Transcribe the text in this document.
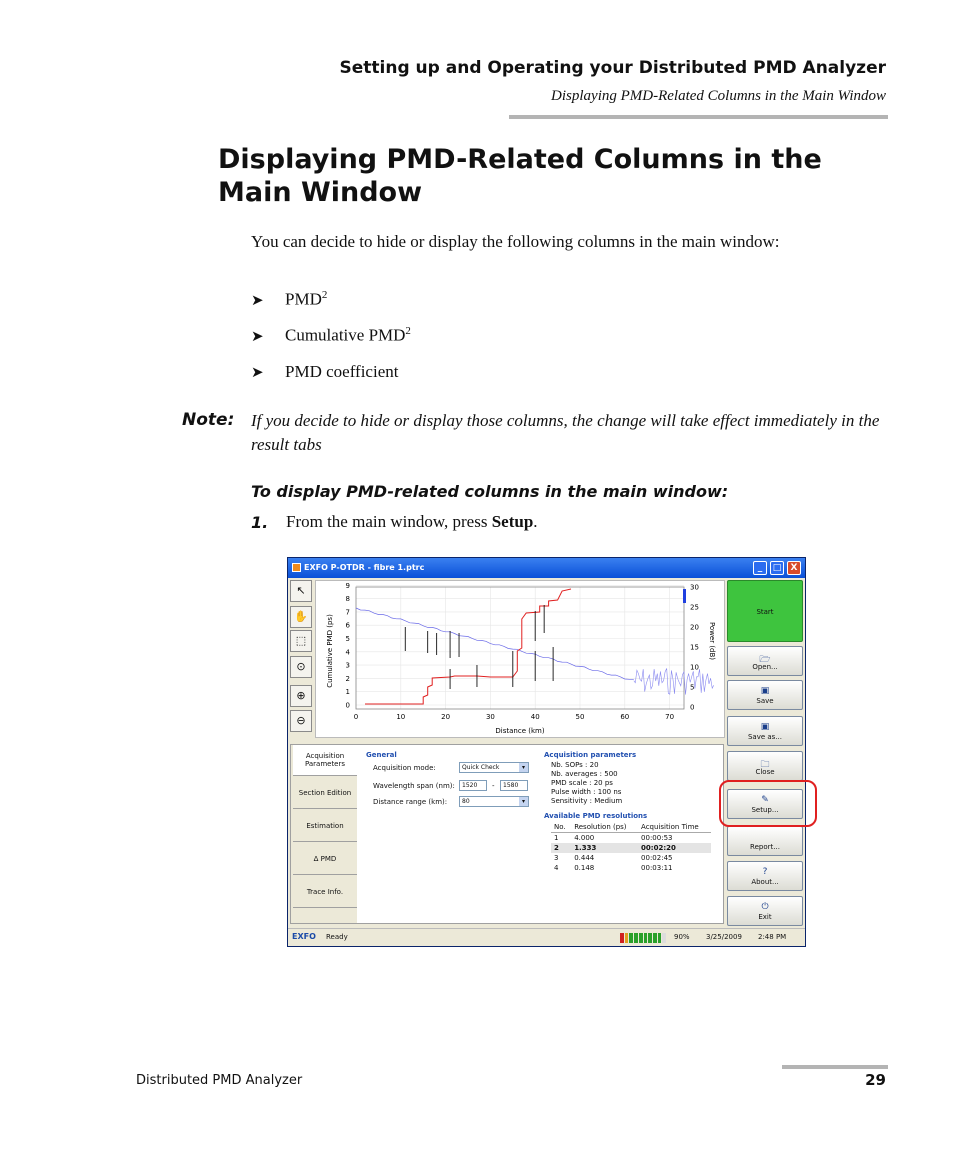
Setting up and Operating your Distributed PMD Analyzer
Displaying PMD-Related Columns in the Main Window
Displaying PMD-Related Columns in the Main Window
You can decide to hide or display the following columns in the main window:
➤ PMD$^2$
➤ Cumulative PMD$^2$
➤ PMD coefficient
Note: If you decide to hide or display those columns, the change will take effect immediately in the result tabs
To display PMD-related columns in the main window:
1. From the main window, press Setup.
EXFO P-OTDR - fibre 1.ptrc	_	□	X
↖
✋
⬚
⊙
⊕
⊖
Cumulative PMD (ps)	Power (dB)
Distance (km)
0	10	20	30	40	50	60	70
0
1
2
3
4
5
6
7
8
9
0
5
10
15
20
25
30
Start
🗁
Open...
▣
Save
▣
Save as...
🗀
Close
✎
Setup...
Report...
?
About...
⏻
Exit
Acquisition Parameters
Section Edition
Estimation
Δ PMD
Trace Info.
General
Acquisition mode:	Quick Check	▾
Wavelength span (nm):	1520	-	1580
Distance range (km):	80	▾
Acquisition parameters
Nb. SOPs : 20
Nb. averages : 500
PMD scale : 20 ps
Pulse width : 100 ns
Sensitivity : Medium
Available PMD resolutions
No.	Resolution (ps)	Acquisition Time
1	4.000	00:00:53
2	1.333	00:02:20
3	0.444	00:02:45
4	0.148	00:03:11
EXFO Ready	90% 3/25/2009 2:48 PM
Distributed PMD Analyzer	29
